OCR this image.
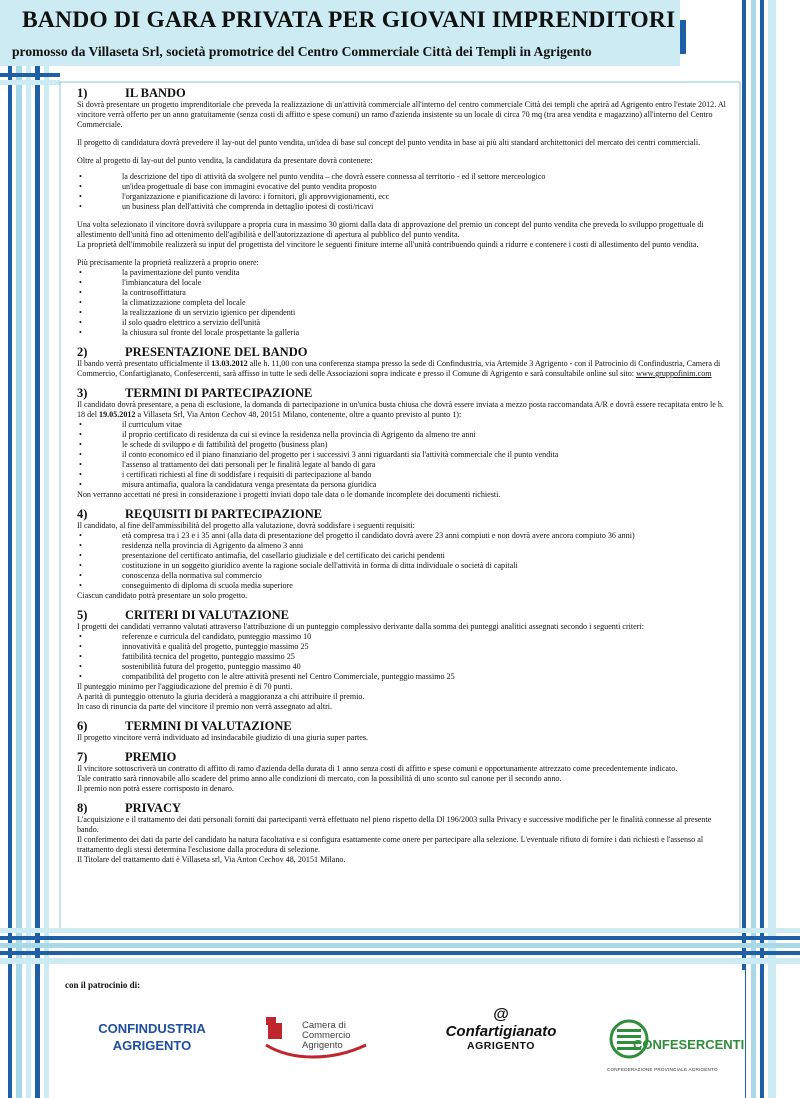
BANDO DI GARA PRIVATA PER GIOVANI IMPRENDITORI
promosso da Villaseta Srl, società promotrice del Centro Commerciale Città dei Templi in Agrigento
1)	IL BANDO

Si dovrà presentare un progetto imprenditoriale che preveda la realizzazione di un'attività commerciale all'interno del centro commerciale Città dei templi che aprirà ad Agrigento entro l'estate 2012. Al vincitore verrà offerto per un anno gratuitamente (senza costi di affitto e spese comuni) un ramo d'azienda insistente su un locale di circa 70 mq (tra area vendita e magazzino) all'interno del Centro Commerciale.

Il progetto di candidatura dovrà prevedere il lay-out del punto vendita, un'idea di base sul concept del punto vendita in base ai più alti standard architettonici del mercato dei centri commerciali.

Oltre al progetto di lay-out del punto vendita, la candidatura da presentare dovrà contenere:

• la descrizione del tipo di attività da svolgere nel punto vendita – che dovrà essere connessa al territorio - ed il settore merceologico
• un'idea progettuale di base con immagini evocative del punto vendita proposto
• l'organizzazione e pianificazione di lavoro: i fornitori, gli approvvigionamenti, ecc
• un business plan dell'attività che comprenda in dettaglio ipotesi di costi/ricavi

Una volta selezionato il vincitore dovrà sviluppare a propria cura in massimo 30 giorni dalla data di approvazione del premio un concept del punto vendita che preveda lo sviluppo progettuale di allestimento dell'unità fino ad ottenimento dell'agibilità e dell'autorizzazione di apertura al pubblico del punto vendita.

La proprietà dell'immobile realizzerà su input del progettista del vincitore le seguenti finiture interne all'unità contribuendo quindi a ridurre e contenere i costi di allestimento del punto vendita.

Più precisamente la proprietà realizzerà a proprio onere:

• la pavimentazione del punto vendita
• l'imbiancatura del locale
• la controsoffittatura
• la climatizzazione completa del locale
• la realizzazione di un servizio igienico per dipendenti
• il solo quadro elettrico a servizio dell'unità
• la chiusura sul fronte del locale prospettante la galleria
2)	PRESENTAZIONE DEL BANDO

Il bando verrà presentato ufficialmente il 13.03.2012 alle h. 11,00 con una conferenza stampa presso la sede di Confindustria, via Artemide 3 Agrigento - con il Patrocinio di Confindustria, Camera di Commercio, Confartigianato, Confesercenti, sarà affisso in tutte le sedi delle Associazioni sopra indicate e presso il Comune di Agrigento e sarà consultabile online sul sito: www.gruppofinim.com

3)	TERMINI DI PARTECIPAZIONE

Il candidato dovrà presentare, a pena di esclusione, la domanda di partecipazione in un'unica busta chiusa che dovrà essere inviata a mezzo posta raccomandata A/R e dovrà essere recapitata entro le h. 18 del 19.05.2012 a Villaseta Srl, Via Anton Cechov 48, 20151 Milano, contenente, oltre a quanto previsto al punto 1):

• il curriculum vitae
• il proprio certificato di residenza da cui si evince la residenza nella provincia di Agrigento da almeno tre anni
• le schede di sviluppo e di fattibilità del progetto (business plan)
• il conto economico ed il piano finanziario del progetto per i successivi 3 anni riguardanti sia l'attività commerciale che il punto vendita
• l'assenso al trattamento dei dati personali per le finalità legate al bando di gara
• i certificati richiesti al fine di soddisfare i requisiti di partecipazione al bando
• misura antimafia, qualora la candidatura venga presentata da persona giuridica

Non verranno accettati né presi in considerazione i progetti inviati dopo tale data o le domande incomplete dei documenti richiesti.

4)	REQUISITI DI PARTECIPAZIONE

Il candidato, al fine dell'ammissibilità del progetto alla valutazione, dovrà soddisfare i seguenti requisiti:

• età compresa tra i 23 e i 35 anni (alla data di presentazione del progetto il candidato dovrà avere 23 anni compiuti e non dovrà avere ancora compiuto 36 anni)
• residenza nella provincia di Agrigento da almeno 3 anni
• presentazione del certificato antimafia, del casellario giudiziale e del certificato dei carichi pendenti
• costituzione in un soggetto giuridico avente la ragione sociale dell'attività in forma di ditta individuale o società di capitali
• conoscenza della normativa sul commercio
• conseguimento di diploma di scuola media superiore

Ciascun candidato potrà presentare un solo progetto.

5)	CRITERI DI VALUTAZIONE

I progetti dei candidati verranno valutati attraverso l'attribuzione di un punteggio complessivo derivante dalla somma dei punteggi analitici assegnati secondo i seguenti criteri:

• referenze e curricula del candidato, punteggio massimo 10
• innovatività e qualità del progetto, punteggio massimo 25
• fattibilità tecnica del progetto, punteggio massimo 25
• sostenibilità futura del progetto, punteggio massimo 40
• compatibilità del progetto con le altre attività presenti nel Centro Commerciale, punteggio massimo 25

Il punteggio minimo per l'aggiudicazione del premio è di 70 punti.

A parità di punteggio ottenuto la giuria deciderà a maggioranza a chi attribuire il premio.

In caso di rinuncia da parte del vincitore il premio non verrà assegnato ad altri.

6)	TERMINI DI VALUTAZIONE

Il progetto vincitore verrà individuato ad insindacabile giudizio di una giuria super partes.

7)	PREMIO

Il vincitore sottoscriverà un contratto di affitto di ramo d'azienda della durata di 1 anno senza costi di affitto e spese comuni e opportunamente attrezzato come precedentemente indicato.

Tale contratto sarà rinnovabile allo scadere del primo anno alle condizioni di mercato, con la possibilità di uno sconto sul canone per il secondo anno.

Il premio non potrà essere corrisposto in denaro.

8)	PRIVACY

L'acquisizione e il trattamento dei dati personali forniti dai partecipanti verrà effettuato nel pieno rispetto della Dl 196/2003 sulla Privacy e successive modifiche per le finalità connesse al presente bando.

Il conferimento dei dati da parte del candidato ha natura facoltativa e si configura esattamente come onere per partecipare alla selezione. L'eventuale rifiuto di fornire i dati richiesti e l'assenso al trattamento degli stessi determina l'esclusione dalla procedura di selezione.

Il Titolare del trattamento dati è Villaseta srl, Via Anton Cechov 48, 20151 Milano.

con il patrocinio di:
CONFINDUSTRIA
AGRIGENTO
Camera di Commercio
Agrigento
@
Confartigianato
AGRIGENTO	CONFESERCENTI
CONFEDERAZIONE PROVINCIALE AGRIGENTO
